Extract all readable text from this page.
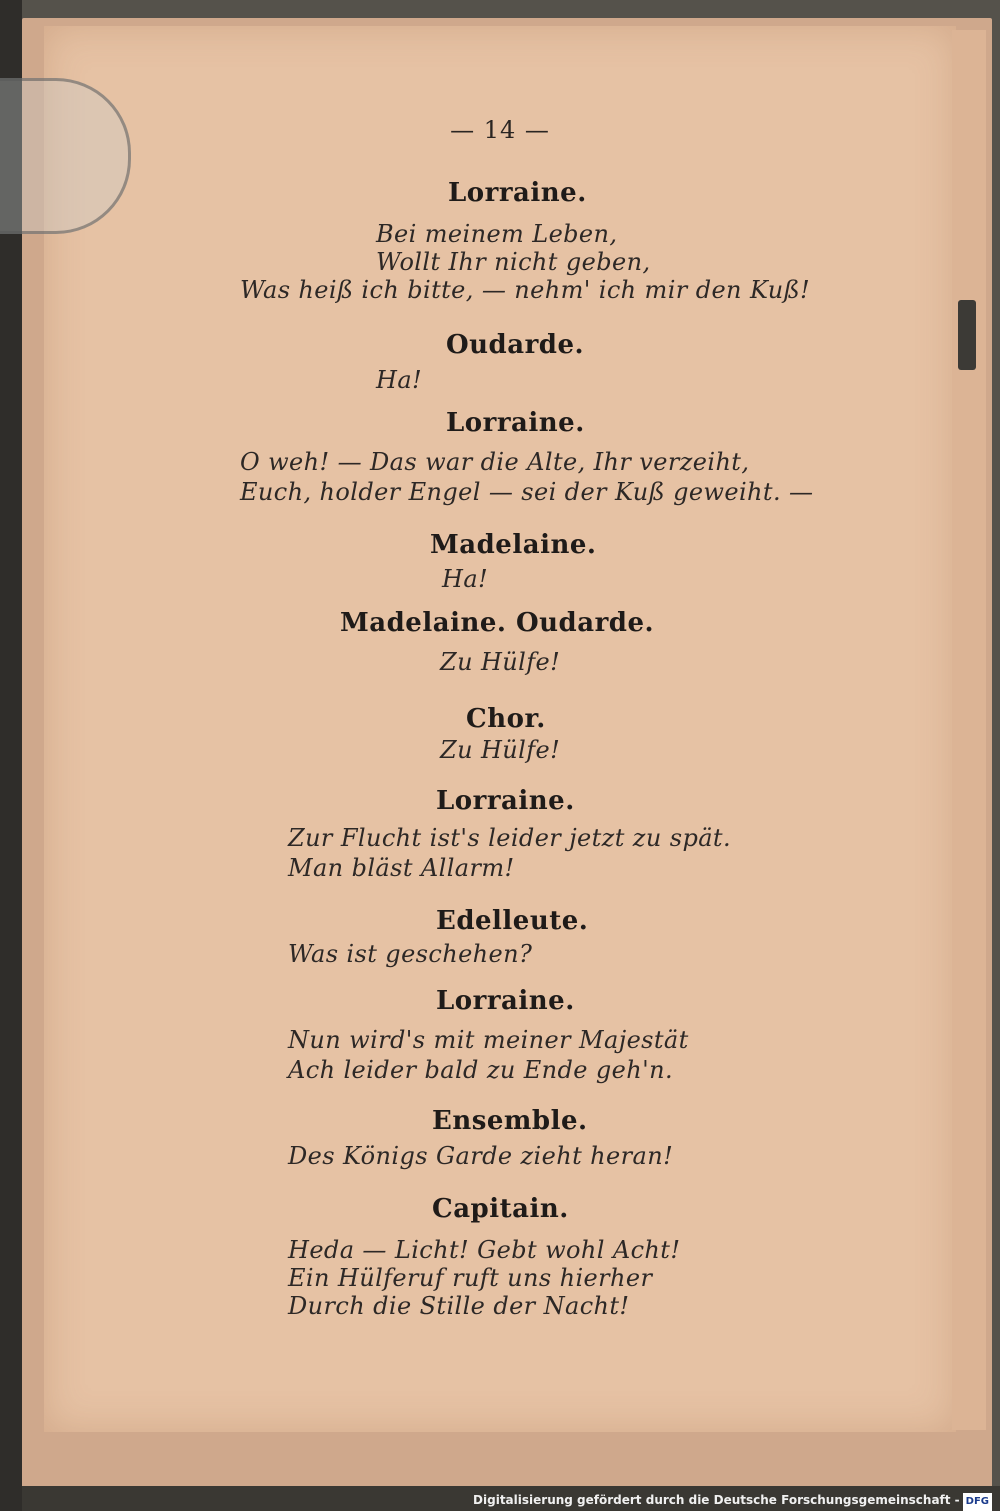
— 14 —
Lorraine.
Bei meinem Leben,
Wollt Ihr nicht geben,
Was heiß ich bitte, — nehm' ich mir den Kuß!
Oudarde.
Ha!
Lorraine.
O weh! — Das war die Alte, Ihr verzeiht,
Euch, holder Engel — sei der Kuß geweiht. —
Madelaine.
Ha!
Madelaine. Oudarde.
Zu Hülfe!
Chor.
Zu Hülfe!
Lorraine.
Zur Flucht ist's leider jetzt zu spät.
Man bläst Allarm!
Edelleute.
Was ist geschehen?
Lorraine.
Nun wird's mit meiner Majestät
Ach leider bald zu Ende geh'n.
Ensemble.
Des Königs Garde zieht heran!
Capitain.
Heda — Licht! Gebt wohl Acht!
Ein Hülferuf ruft uns hierher
Durch die Stille der Nacht!
Digitalisierung gefördert durch die Deutsche Forschungsgemeinschaft - DFG
